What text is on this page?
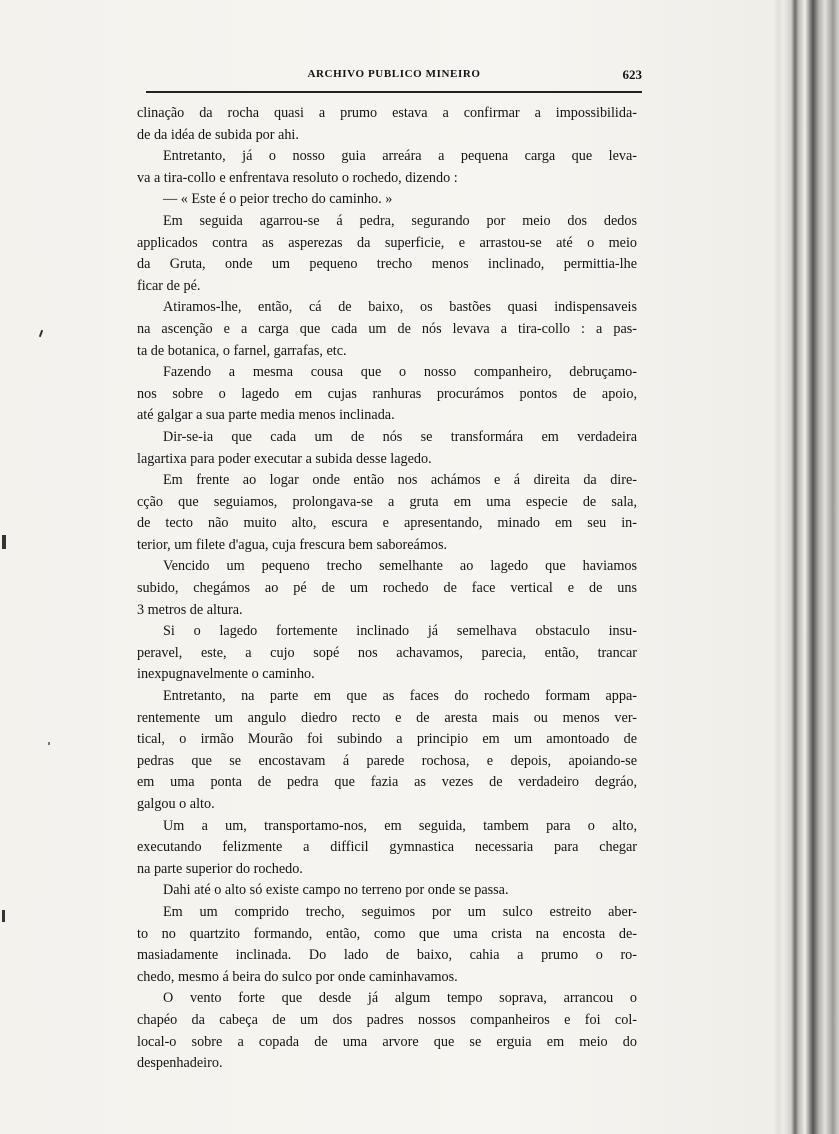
ARCHIVO PUBLICO MINEIRO	623
clinação da rocha quasi a prumo estava a confirmar a impossibilida-
de da idéa de subida por ahi.
Entretanto, já o nosso guia arreára a pequena carga que leva-
va a tira-collo e enfrentava resoluto o rochedo, dizendo :
— « Este é o peior trecho do caminho. »
Em seguida agarrou-se á pedra, segurando por meio dos dedos
applicados contra as asperezas da superficie, e arrastou-se até o meio
da Gruta, onde um pequeno trecho menos inclinado, permittia-lhe
ficar de pé.
Atiramos-lhe, então, cá de baixo, os bastões quasi indispensaveis
na ascenção e a carga que cada um de nós levava a tira-collo : a pas-
ta de botanica, o farnel, garrafas, etc.
Fazendo a mesma cousa que o nosso companheiro, debruçamo-
nos sobre o lagedo em cujas ranhuras procurámos pontos de apoio,
até galgar a sua parte media menos inclinada.
Dir-se-ia que cada um de nós se transformára em verdadeira
lagartixa para poder executar a subida desse lagedo.
Em frente ao logar onde então nos achámos e á direita da dire-
cção que seguiamos, prolongava-se a gruta em uma especie de sala,
de tecto não muito alto, escura e apresentando, minado em seu in-
terior, um filete d'agua, cuja frescura bem saboreámos.
Vencido um pequeno trecho semelhante ao lagedo que haviamos
subido, chegámos ao pé de um rochedo de face vertical e de uns
3 metros de altura.
Si o lagedo fortemente inclinado já semelhava obstaculo insu-
peravel, este, a cujo sopé nos achavamos, parecia, então, trancar
inexpugnavelmente o caminho.
Entretanto, na parte em que as faces do rochedo formam appa-
rentemente um angulo diedro recto e de aresta mais ou menos ver-
tical, o irmão Mourão foi subindo a principio em um amontoado de
pedras que se encostavam á parede rochosa, e depois, apoiando-se
em uma ponta de pedra que fazia as vezes de verdadeiro degráo,
galgou o alto.
Um a um, transportamo-nos, em seguida, tambem para o alto,
executando felizmente a difficil gymnastica necessaria para chegar
na parte superior do rochedo.
Dahi até o alto só existe campo no terreno por onde se passa.
Em um comprido trecho, seguimos por um sulco estreito aber-
to no quartzito formando, então, como que uma crista na encosta de-
masiadamente inclinada. Do lado de baixo, cahia a prumo o ro-
chedo, mesmo á beira do sulco por onde caminhavamos.
O vento forte que desde já algum tempo soprava, arrancou o
chapéo da cabeça de um dos padres nossos companheiros e foi col-
local-o sobre a copada de uma arvore que se erguia em meio do
despenhadeiro.
